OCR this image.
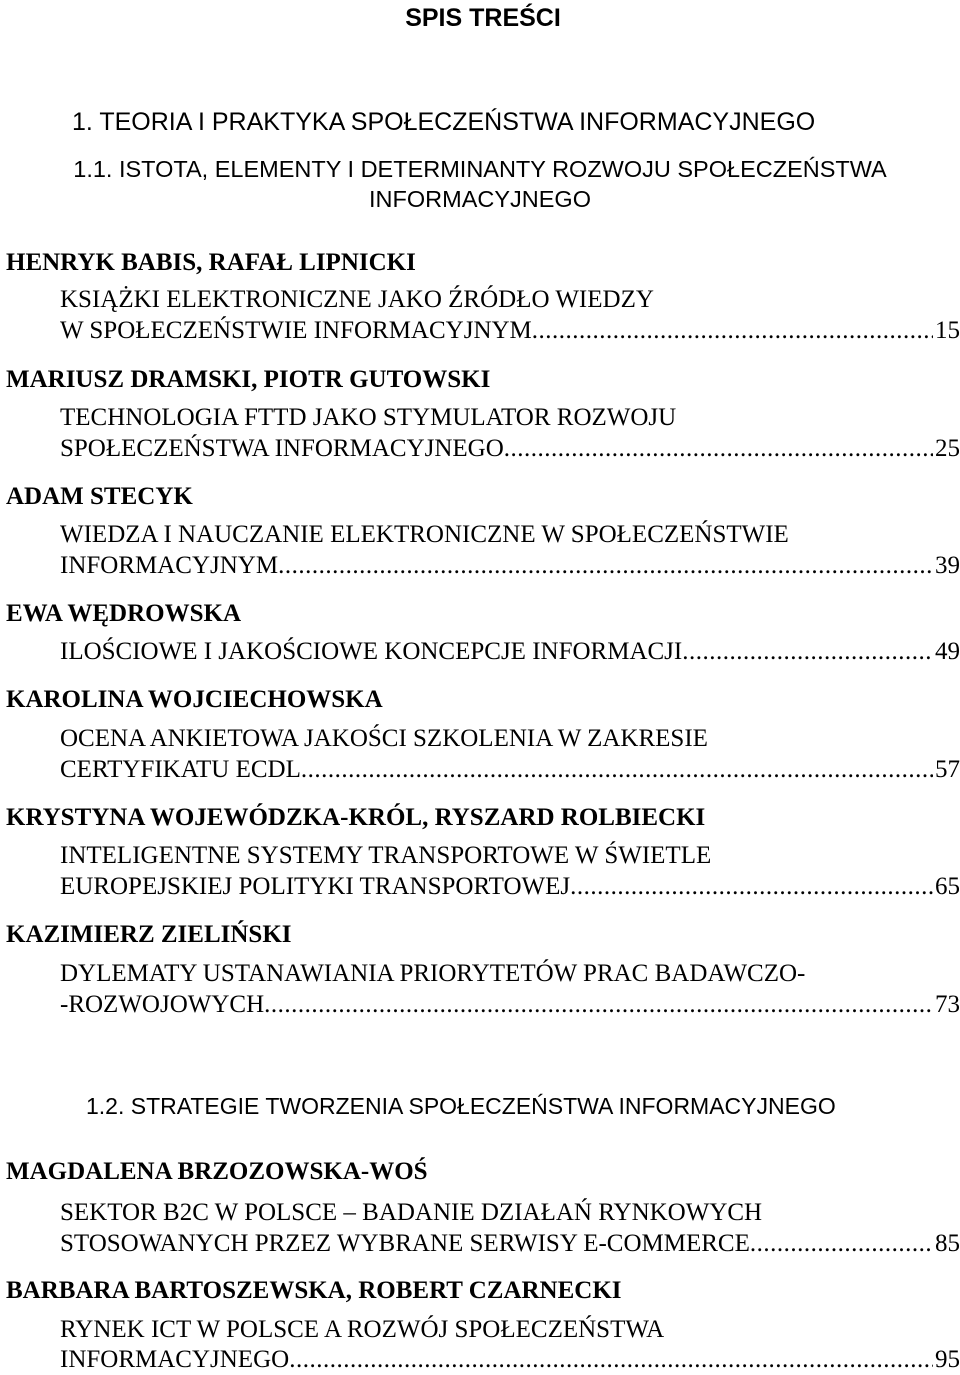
SPIS TREŚCI
1. TEORIA I PRAKTYKA SPOŁECZEŃSTWA INFORMACYJNEGO
1.1. ISTOTA, ELEMENTY I DETERMINANTY ROZWOJU SPOŁECZEŃSTWA INFORMACYJNEGO
HENRYK BABIS, RAFAŁ LIPNICKI
KSIĄŻKI ELEKTRONICZNE JAKO ŹRÓDŁO WIEDZY
W SPOŁECZEŃSTWIE INFORMACYJNYM .....	15
MARIUSZ DRAMSKI, PIOTR GUTOWSKI
TECHNOLOGIA FTTD JAKO STYMULATOR ROZWOJU
SPOŁECZEŃSTWA INFORMACYJNEGO .....	25
ADAM STECYK
WIEDZA I NAUCZANIE ELEKTRONICZNE W SPOŁECZEŃSTWIE
INFORMACYJNYM .....	39
EWA WĘDROWSKA
ILOŚCIOWE I JAKOŚCIOWE KONCEPCJE INFORMACJI .....	49
KAROLINA WOJCIECHOWSKA
OCENA ANKIETOWA JAKOŚCI SZKOLENIA W ZAKRESIE
CERTYFIKATU ECDL .....	57
KRYSTYNA WOJEWÓDZKA-KRÓL, RYSZARD ROLBIECKI
INTELIGENTNE SYSTEMY TRANSPORTOWE W ŚWIETLE
EUROPEJSKIEJ POLITYKI TRANSPORTOWEJ .....	65
KAZIMIERZ ZIELIŃSKI
DYLEMATY USTANAWIANIA PRIORYTETÓW PRAC BADAWCZO-
-ROZWOJOWYCH .....	73
1.2. STRATEGIE TWORZENIA SPOŁECZEŃSTWA INFORMACYJNEGO
MAGDALENA BRZOZOWSKA-WOŚ
SEKTOR B2C W POLSCE – BADANIE DZIAŁAŃ RYNKOWYCH
STOSOWANYCH PRZEZ WYBRANE SERWISY E-COMMERCE .....	85
BARBARA BARTOSZEWSKA, ROBERT CZARNECKI
RYNEK ICT W POLSCE A ROZWÓJ SPOŁECZEŃSTWA
INFORMACYJNEGO .....	95
